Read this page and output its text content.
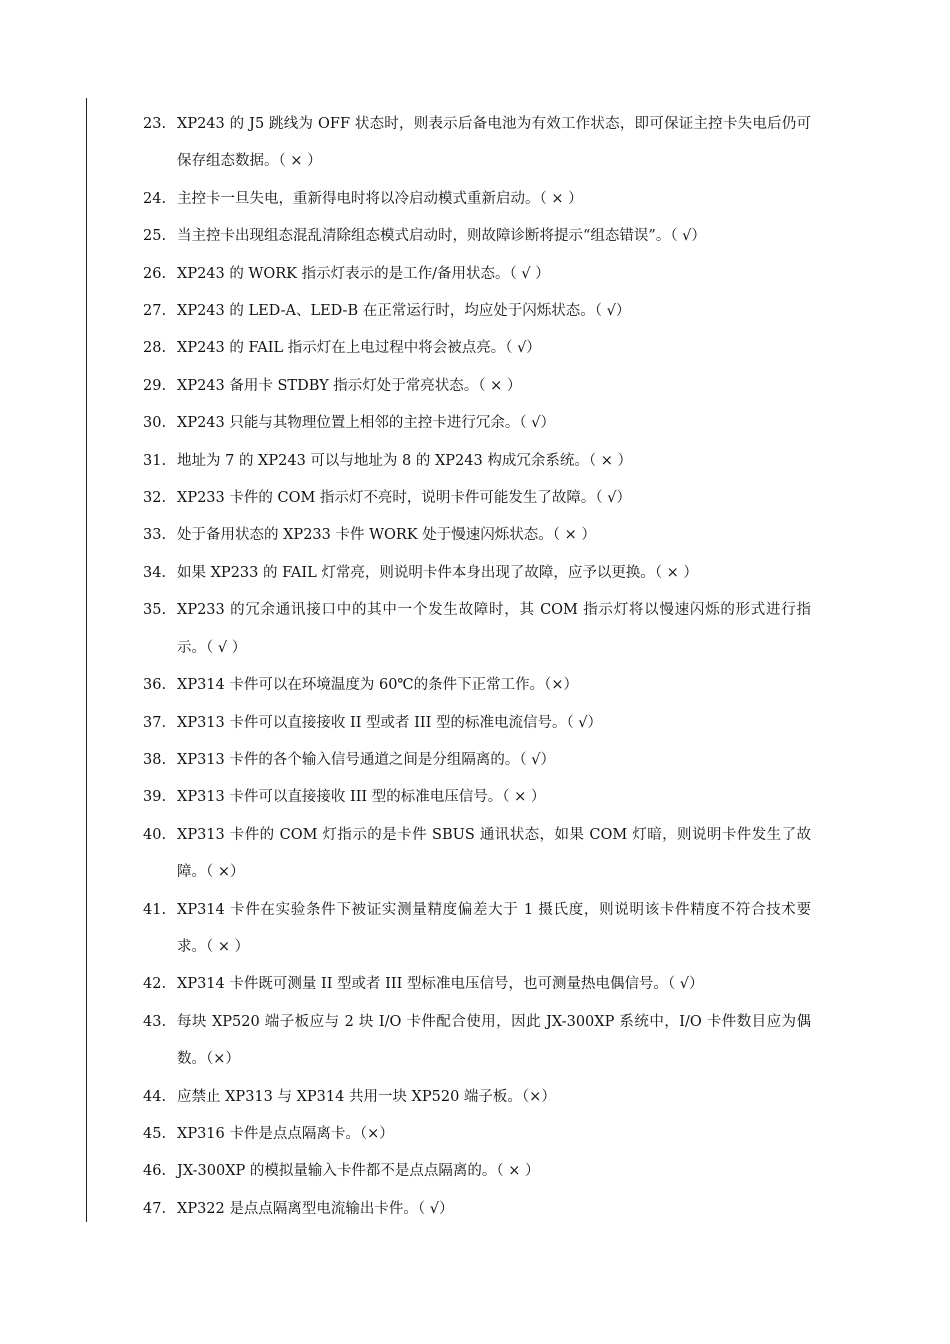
23. XP243 的 J5 跳线为 OFF 状态时，则表示后备电池为有效工作状态，即可保证主控卡失电后仍可保存组态数据。（ × ）
24. 主控卡一旦失电，重新得电时将以冷启动模式重新启动。（ × ）
25. 当主控卡出现组态混乱清除组态模式启动时，则故障诊断将提示“组态错误”。（ √）
26. XP243 的 WORK 指示灯表示的是工作/备用状态。（ √ ）
27. XP243 的 LED-A、LED-B 在正常运行时，均应处于闪烁状态。（ √）
28. XP243 的 FAIL 指示灯在上电过程中将会被点亮。（ √）
29. XP243 备用卡 STDBY 指示灯处于常亮状态。（ × ）
30. XP243 只能与其物理位置上相邻的主控卡进行冗余。（ √）
31. 地址为 7 的 XP243 可以与地址为 8 的 XP243 构成冗余系统。（ × ）
32. XP233 卡件的 COM 指示灯不亮时，说明卡件可能发生了故障。（ √）
33. 处于备用状态的 XP233 卡件 WORK 处于慢速闪烁状态。（ × ）
34. 如果 XP233 的 FAIL 灯常亮，则说明卡件本身出现了故障，应予以更换。（ × ）
35. XP233 的冗余通讯接口中的其中一个发生故障时，其 COM 指示灯将以慢速闪烁的形式进行指示。（ √ ）
36. XP314 卡件可以在环境温度为 60℃的条件下正常工作。（×）
37. XP313 卡件可以直接接收 II 型或者 III 型的标准电流信号。（ √）
38. XP313 卡件的各个输入信号通道之间是分组隔离的。（ √）
39. XP313 卡件可以直接接收 III 型的标准电压信号。（ × ）
40. XP313 卡件的 COM 灯指示的是卡件 SBUS 通讯状态，如果 COM 灯暗，则说明卡件发生了故障。（ ×）
41. XP314 卡件在实验条件下被证实测量精度偏差大于 1 摄氏度，则说明该卡件精度不符合技术要求。（ × ）
42. XP314 卡件既可测量 II 型或者 III 型标准电压信号，也可测量热电偶信号。（ √）
43. 每块 XP520 端子板应与 2 块 I/O 卡件配合使用，因此 JX-300XP 系统中，I/O 卡件数目应为偶数。（×）
44. 应禁止 XP313 与 XP314 共用一块 XP520 端子板。（×）
45. XP316 卡件是点点隔离卡。（×）
46. JX-300XP 的模拟量输入卡件都不是点点隔离的。（ × ）
47. XP322 是点点隔离型电流输出卡件。（ √）
